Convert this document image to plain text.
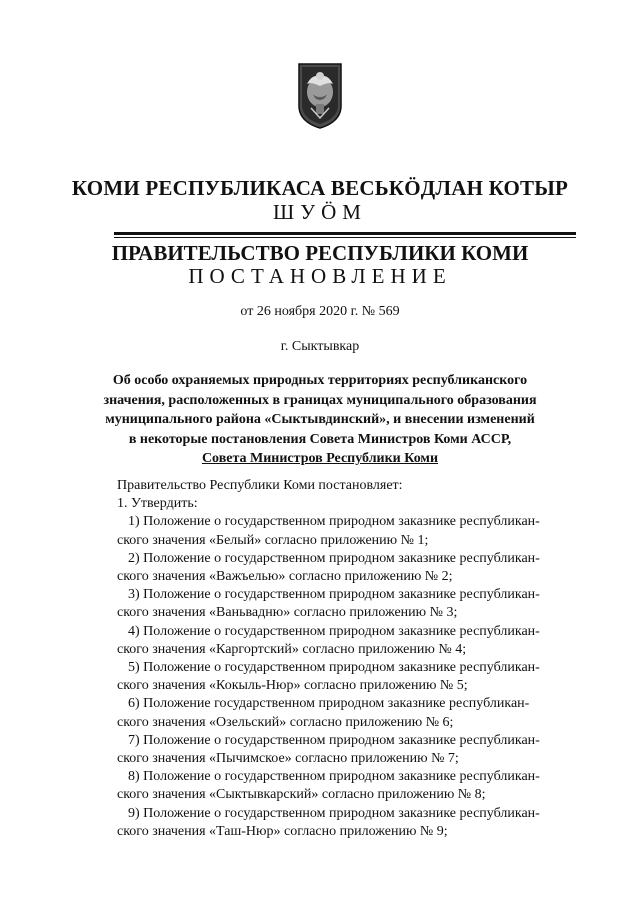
КОМИ РЕСПУБЛИКАСА ВЕСЬКӦДЛАН КОТЫР
ШУӦМ
ПРАВИТЕЛЬСТВО РЕСПУБЛИКИ КОМИ
ПОСТАНОВЛЕНИЕ
от 26 ноября 2020 г. № 569
г. Сыктывкар
Об особо охраняемых природных территориях республиканского
значения, расположенных в границах муниципального образования
муниципального района «Сыктывдинский», и внесении изменений
в некоторые постановления Совета Министров Коми АССР,
Совета Министров Республики Коми

Правительство Республики Коми постановляет:

1. Утвердить:

1) Положение о государственном природном заказнике республикан-

ского значения «Белый» согласно приложению № 1;

2) Положение о государственном природном заказнике республикан-

ского значения «Важъелью» согласно приложению № 2;

3) Положение о государственном природном заказнике республикан-

ского значения «Ваньвадню» согласно приложению № 3;

4) Положение о государственном природном заказнике республикан-

ского значения «Каргортский» согласно приложению № 4;

5) Положение о государственном природном заказнике республикан-

ского значения «Кокыль-Нюр» согласно приложению № 5;

6) Положение государственном природном заказнике республикан-

ского значения «Озельский» согласно приложению № 6;

7) Положение о государственном природном заказнике республикан-

ского значения «Пычимское» согласно приложению № 7;

8) Положение о государственном природном заказнике республикан-

ского значения «Сыктывкарский» согласно приложению № 8;

9) Положение о государственном природном заказнике республикан-

ского значения «Таш-Нюр» согласно приложению № 9;
